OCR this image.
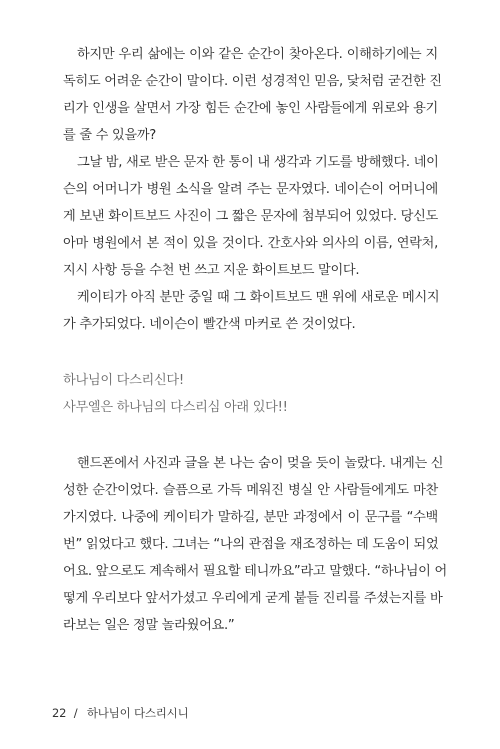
하지만 우리 삶에는 이와 같은 순간이 찾아온다. 이해하기에는 지
독히도 어려운 순간이 말이다. 이런 성경적인 믿음, 닻처럼 굳건한 진
리가 인생을 살면서 가장 힘든 순간에 놓인 사람들에게 위로와 용기
를 줄 수 있을까?
그날 밤, 새로 받은 문자 한 통이 내 생각과 기도를 방해했다. 네이
슨의 어머니가 병원 소식을 알려 주는 문자였다. 네이슨이 어머니에
게 보낸 화이트보드 사진이 그 짧은 문자에 첨부되어 있었다. 당신도
아마 병원에서 본 적이 있을 것이다. 간호사와 의사의 이름, 연락처,
지시 사항 등을 수천 번 쓰고 지운 화이트보드 말이다.
케이티가 아직 분만 중일 때 그 화이트보드 맨 위에 새로운 메시지
가 추가되었다. 네이슨이 빨간색 마커로 쓴 것이었다.
하나님이 다스리신다!
사무엘은 하나님의 다스리심 아래 있다!!
핸드폰에서 사진과 글을 본 나는 숨이 멎을 듯이 놀랐다. 내게는 신
성한 순간이었다. 슬픔으로 가득 메워진 병실 안 사람들에게도 마찬
가지였다. 나중에 케이티가 말하길, 분만 과정에서 이 문구를 “수백
번” 읽었다고 했다. 그녀는 “나의 관점을 재조정하는 데 도움이 되었
어요. 앞으로도 계속해서 필요할 테니까요”라고 말했다. “하나님이 어
떻게 우리보다 앞서가셨고 우리에게 굳게 붙들 진리를 주셨는지를 바
라보는 일은 정말 놀라웠어요.”
22 / 하나님이 다스리시니
